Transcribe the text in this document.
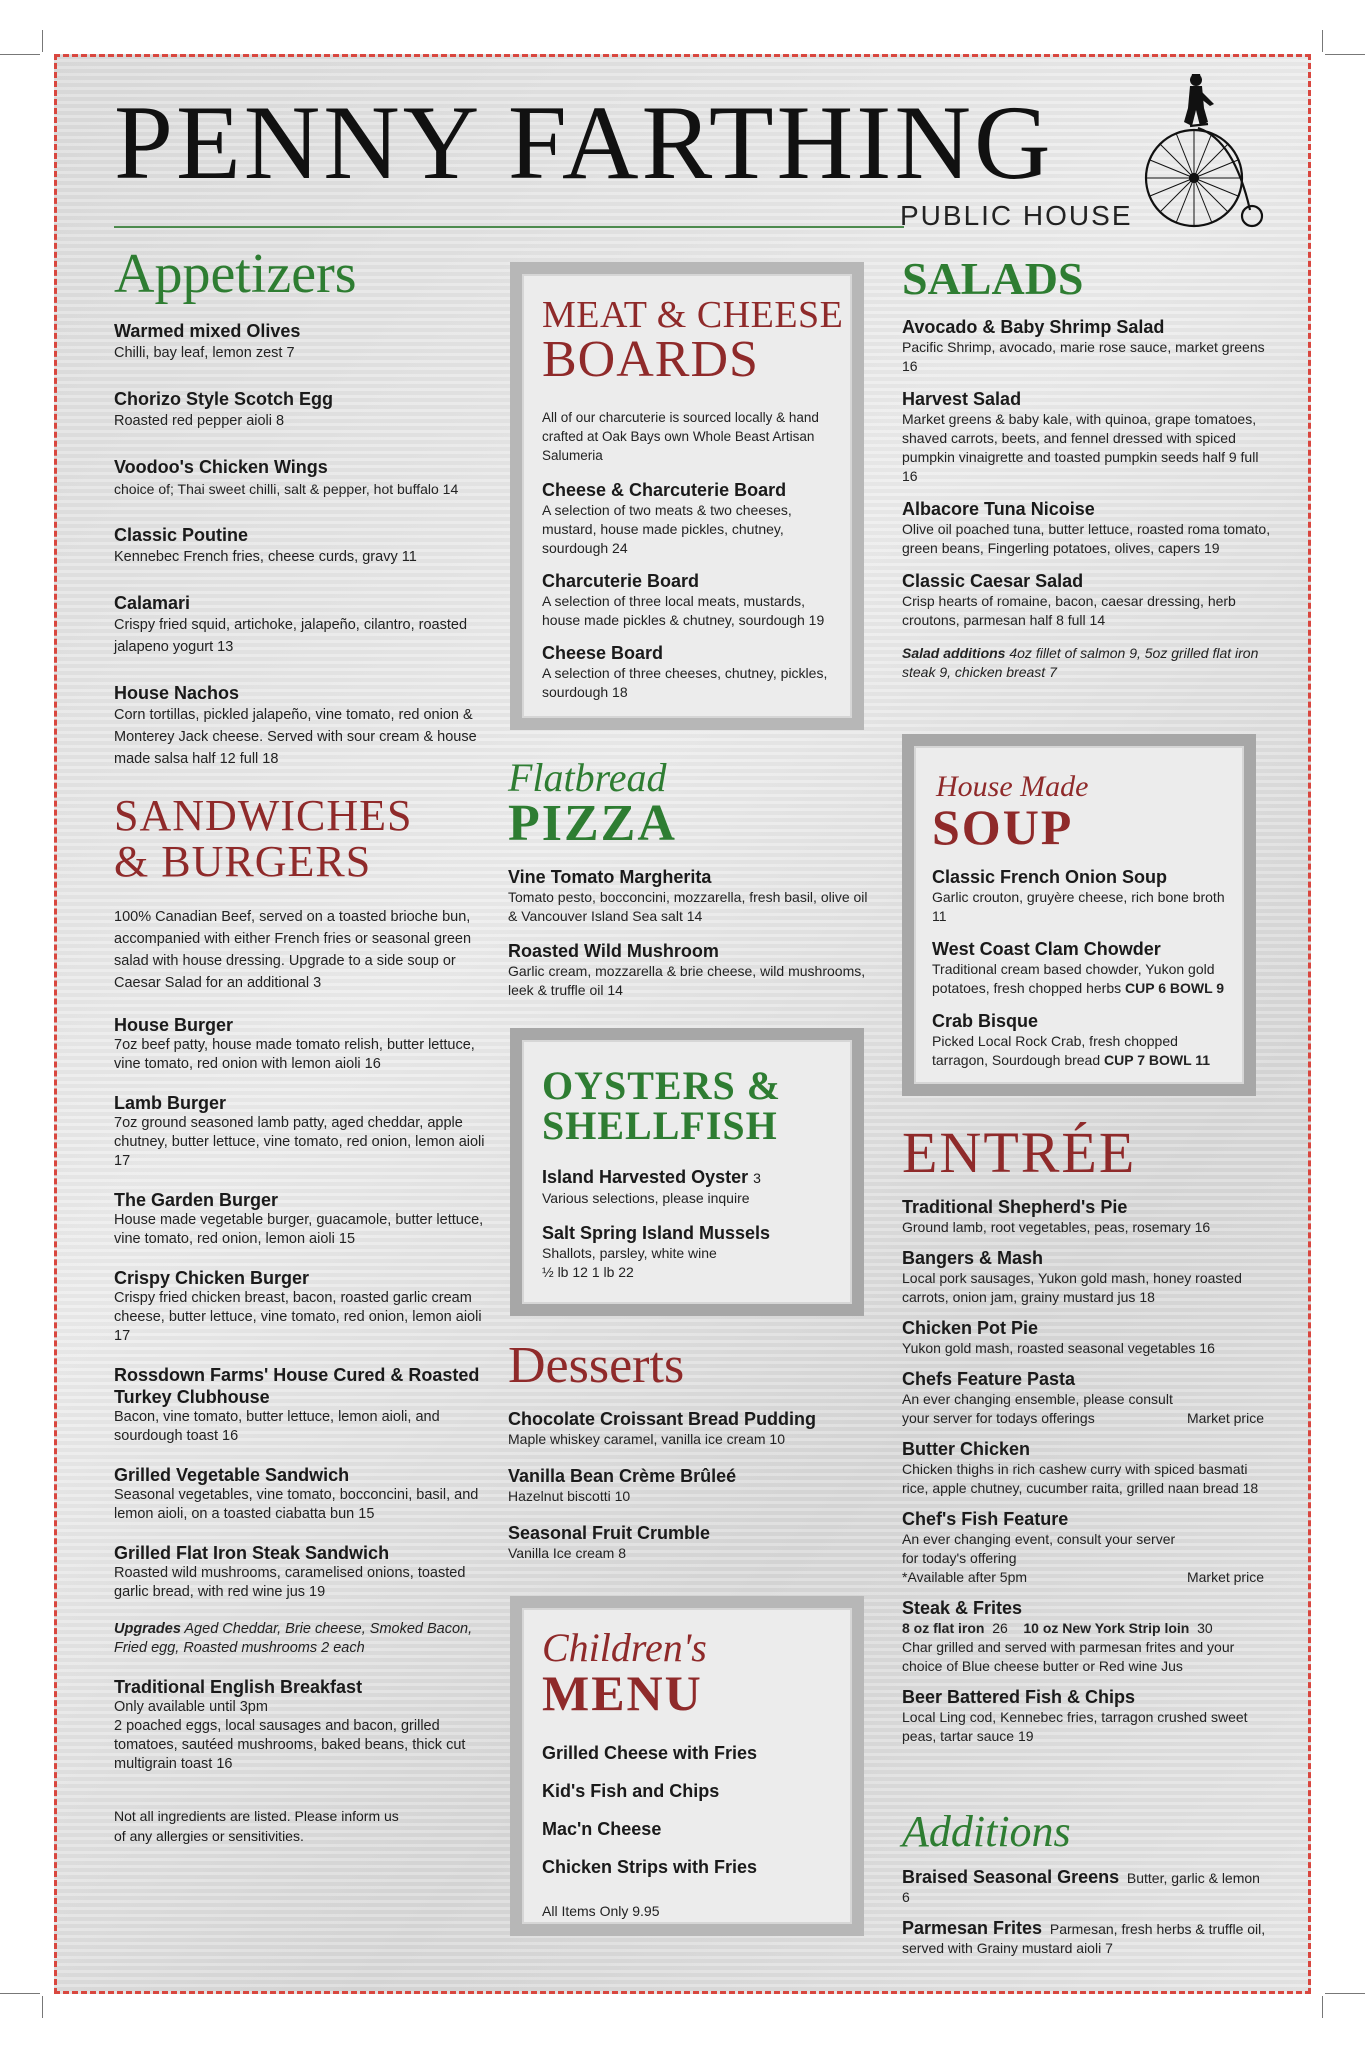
PENNY FARTHING
PUBLIC HOUSE
Appetizers
Warmed mixed Olives
Chilli, bay leaf, lemon zest 7
Chorizo Style Scotch Egg
Roasted red pepper aioli 8
Voodoo's Chicken Wings
choice of; Thai sweet chilli, salt & pepper, hot buffalo 14
Classic Poutine
Kennebec French fries, cheese curds, gravy 11
Calamari
Crispy fried squid, artichoke, jalapeño, cilantro, roasted jalapeno yogurt 13
House Nachos
Corn tortillas, pickled jalapeño, vine tomato, red onion & Monterey Jack cheese. Served with sour cream & house made salsa half 12 full 18
SANDWICHES
& BURGERS
100% Canadian Beef, served on a toasted brioche bun, accompanied with either French fries or seasonal green salad with house dressing. Upgrade to a side soup or Caesar Salad for an additional 3
House Burger
7oz beef patty, house made tomato relish, butter lettuce, vine tomato, red onion with lemon aioli 16
Lamb Burger
7oz ground seasoned lamb patty, aged cheddar, apple chutney, butter lettuce, vine tomato, red onion, lemon aioli 17
The Garden Burger
House made vegetable burger, guacamole, butter lettuce, vine tomato, red onion, lemon aioli 15
Crispy Chicken Burger
Crispy fried chicken breast, bacon, roasted garlic cream cheese, butter lettuce, vine tomato, red onion, lemon aioli 17
Rossdown Farms' House Cured & Roasted Turkey Clubhouse
Bacon, vine tomato, butter lettuce, lemon aioli, and sourdough toast 16
Grilled Vegetable Sandwich
Seasonal vegetables, vine tomato, bocconcini, basil, and lemon aioli, on a toasted ciabatta bun 15
Grilled Flat Iron Steak Sandwich
Roasted wild mushrooms, caramelised onions, toasted garlic bread, with red wine jus 19
Upgrades Aged Cheddar, Brie cheese, Smoked Bacon, Fried egg, Roasted mushrooms 2 each
Traditional English Breakfast
Only available until 3pm
2 poached eggs, local sausages and bacon, grilled tomatoes, sautéed mushrooms, baked beans, thick cut multigrain toast 16
Not all ingredients are listed. Please inform us of any allergies or sensitivities.
MEAT & CHEESE
BOARDS
All of our charcuterie is sourced locally & hand crafted at Oak Bays own Whole Beast Artisan Salumeria
Cheese & Charcuterie Board
A selection of two meats & two cheeses, mustard, house made pickles, chutney, sourdough 24
Charcuterie Board
A selection of three local meats, mustards, house made pickles & chutney, sourdough 19
Cheese Board
A selection of three cheeses, chutney, pickles, sourdough 18
Flatbread
PIZZA
Vine Tomato Margherita
Tomato pesto, bocconcini, mozzarella, fresh basil, olive oil & Vancouver Island Sea salt 14
Roasted Wild Mushroom
Garlic cream, mozzarella & brie cheese, wild mushrooms, leek & truffle oil 14
OYSTERS &
SHELLFISH
Island Harvested Oyster 3
Various selections, please inquire
Salt Spring Island Mussels
Shallots, parsley, white wine
½ lb 12 1 lb 22
Desserts
Chocolate Croissant Bread Pudding
Maple whiskey caramel, vanilla ice cream 10
Vanilla Bean Crème Brûleé
Hazelnut biscotti 10
Seasonal Fruit Crumble
Vanilla Ice cream 8
Children's
MENU
Grilled Cheese with Fries
Kid's Fish and Chips
Mac'n Cheese
Chicken Strips with Fries
All Items Only 9.95
SALADS
Avocado & Baby Shrimp Salad
Pacific Shrimp, avocado, marie rose sauce, market greens 16
Harvest Salad
Market greens & baby kale, with quinoa, grape tomatoes, shaved carrots, beets, and fennel dressed with spiced pumpkin vinaigrette and toasted pumpkin seeds half 9 full 16
Albacore Tuna Nicoise
Olive oil poached tuna, butter lettuce, roasted roma tomato, green beans, Fingerling potatoes, olives, capers 19
Classic Caesar Salad
Crisp hearts of romaine, bacon, caesar dressing, herb croutons, parmesan half 8 full 14
Salad additions 4oz fillet of salmon 9, 5oz grilled flat iron steak 9, chicken breast 7
House Made
SOUP
Classic French Onion Soup
Garlic crouton, gruyère cheese, rich bone broth 11
West Coast Clam Chowder
Traditional cream based chowder, Yukon gold potatoes, fresh chopped herbs CUP 6 BOWL 9
Crab Bisque
Picked Local Rock Crab, fresh chopped tarragon, Sourdough bread CUP 7 BOWL 11
ENTRÉE
Traditional Shepherd's Pie
Ground lamb, root vegetables, peas, rosemary 16
Bangers & Mash
Local pork sausages, Yukon gold mash, honey roasted carrots, onion jam, grainy mustard jus 18
Chicken Pot Pie
Yukon gold mash, roasted seasonal vegetables 16
Chefs Feature Pasta
An ever changing ensemble, please consult your server for todays offerings	Market price
Butter Chicken
Chicken thighs in rich cashew curry with spiced basmati rice, apple chutney, cucumber raita, grilled naan bread 18
Chef's Fish Feature
An ever changing event, consult your server for today's offering
*Available after 5pm	Market price
Steak & Frites
8 oz flat iron 26 10 oz New York Strip loin 30
Char grilled and served with parmesan frites and your choice of Blue cheese butter or Red wine Jus
Beer Battered Fish & Chips
Local Ling cod, Kennebec fries, tarragon crushed sweet peas, tartar sauce 19
Additions
Braised Seasonal Greens Butter, garlic & lemon 6
Parmesan Frites Parmesan, fresh herbs & truffle oil, served with Grainy mustard aioli 7
